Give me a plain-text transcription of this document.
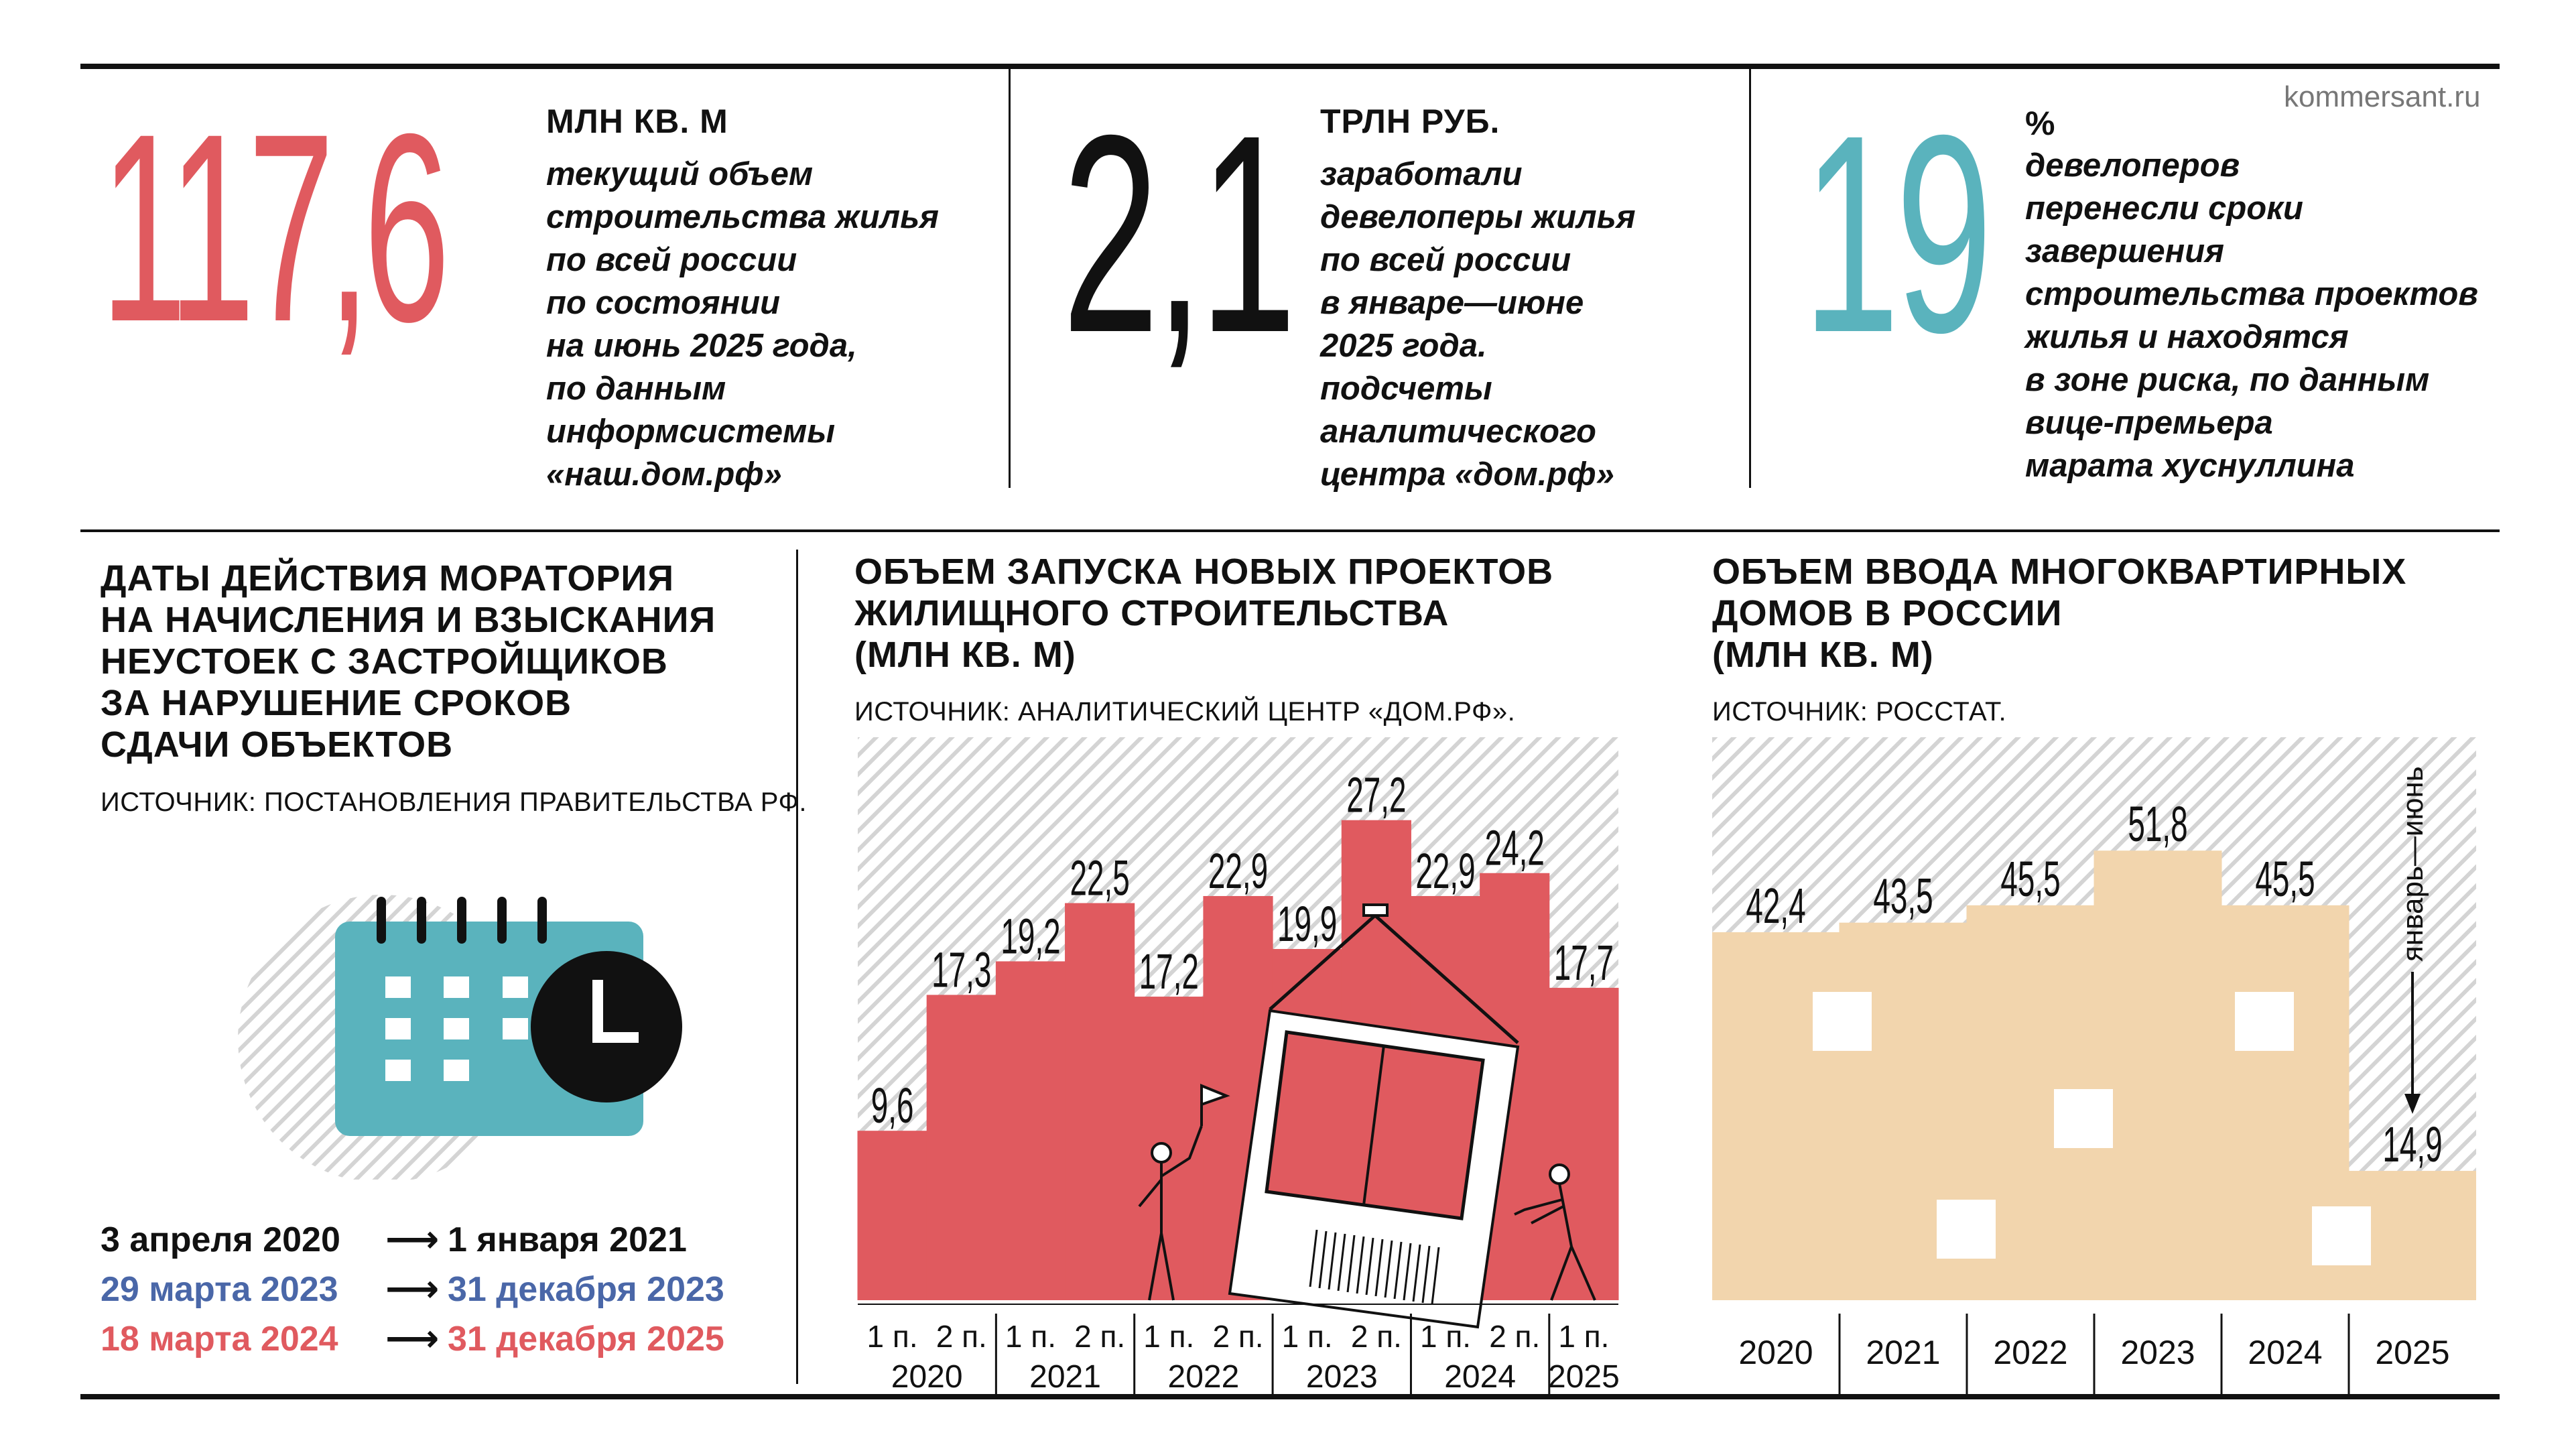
kommersant.ru
117,6	МЛН КВ. М
текущий объем
строительства жилья
по всей россии
по состоянии
на июнь 2025 года,
по данным
информсистемы
«наш.дом.рф»
2,1 ТРЛН РУБ.
заработали
девелоперы жилья
по всей россии
в январе—июне
2025 года.
подсчеты
аналитического
центра «дом.рф»
19 %
девелоперов
перенесли сроки
завершения
строительства проектов
жилья и находятся
в зоне риска, по данным
вице-премьера
марата хуснуллина
ДАТЫ ДЕЙСТВИЯ МОРАТОРИЯ
НА НАЧИСЛЕНИЯ И ВЗЫСКАНИЯ
НЕУСТОЕК С ЗАСТРОЙЩИКОВ
ЗА НАРУШЕНИЕ СРОКОВ
СДАЧИ ОБЪЕКТОВ
ИСТОЧНИК: ПОСТАНОВЛЕНИЯ ПРАВИТЕЛЬСТВА РФ.
3 апреля 2020 ⟶ 1 января 2021
29 марта 2023 ⟶ 31 декабря 2023
18 марта 2024 ⟶ 31 декабря 2025
ОБЪЕМ ЗАПУСКА НОВЫХ ПРОЕКТОВ
ЖИЛИЩНОГО СТРОИТЕЛЬСТВА
(МЛН КВ. М)
ИСТОЧНИК: АНАЛИТИЧЕСКИЙ ЦЕНТР «ДОМ.РФ».
9,6
17,3
19,2
22,5
17,2
22,9
19,9
27,2
22,9 24,2
17,7
1 п. 2 п. 1 п. 2 п. 1 п. 2 п. 1 п. 2 п. 1 п. 2 п. 1 п.
2020 2021 2022 2023 2024 2025
ОБЪЕМ ВВОДА МНОГОКВАРТИРНЫХ
ДОМОВ В РОССИИ
(МЛН КВ. М)
ИСТОЧНИК: РОССТАТ.
42,4
2020
43,5
2021
45,5
2022
51,8
2023
45,5
2024
14,9
2025
январь—июнь
